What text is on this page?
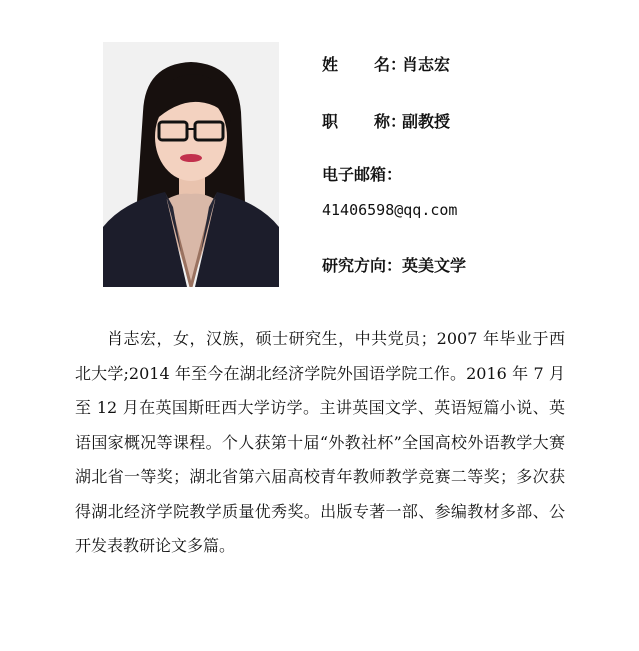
姓 名：肖志宏
职 称：副教授
电子邮箱：
41406598@qq.com
研究方向：英美文学

肖志宏，女，汉族，硕士研究生，中共党员；2007 年毕业于西北大学;2014 年至今在湖北经济学院外国语学院工作。2016 年 7 月至 12 月在英国斯旺西大学访学。主讲英国文学、英语短篇小说、英语国家概况等课程。个人获第十届“外教社杯”全国高校外语教学大赛湖北省一等奖；湖北省第六届高校青年教师教学竞赛二等奖；多次获得湖北经济学院教学质量优秀奖。出版专著一部、参编教材多部、公开发表教研论文多篇。
